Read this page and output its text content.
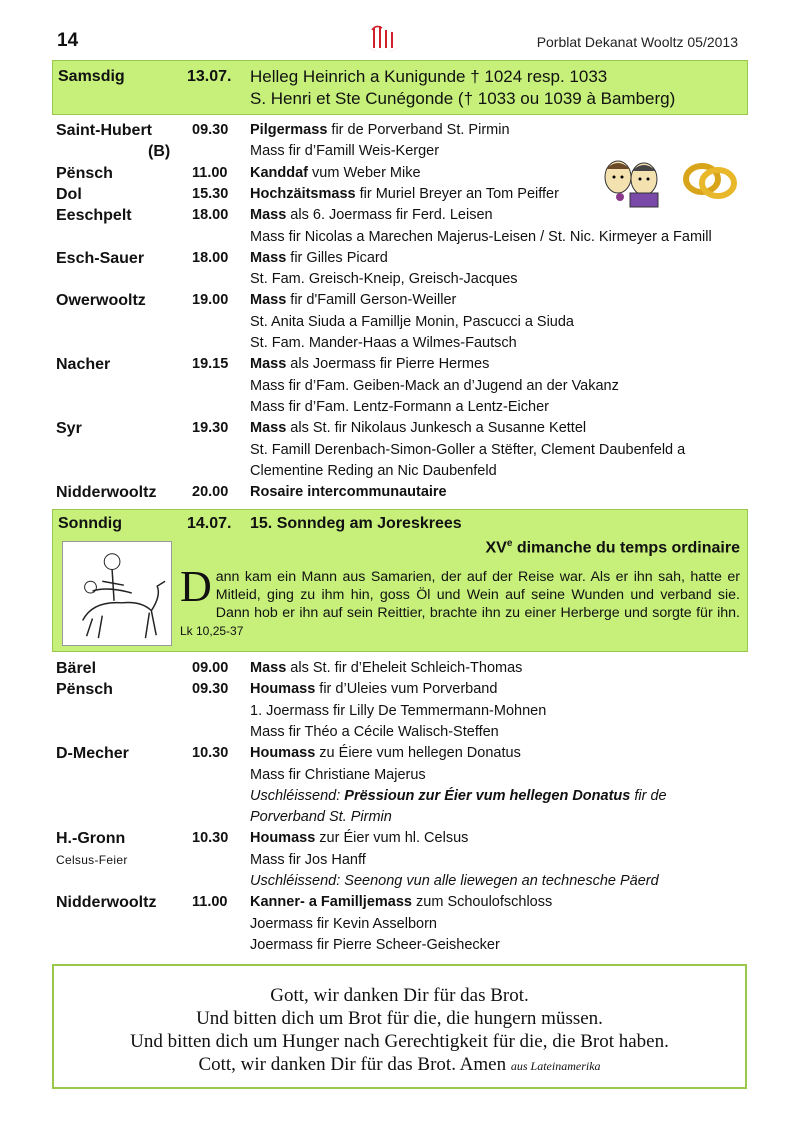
14	Porblat Dekanat Wooltz 05/2013
Samsdig	13.07. Helleg Heinrich a Kunigunde † 1024 resp. 1033
S. Henri et Ste Cunégonde († 1033 ou 1039 à Bamberg)
Saint-Hubert	09.30 Pilgermass fir de Porverband St. Pirmin
(B)	Mass fir d’Famill Weis-Kerger
Pënsch	11.00 Kanddaf vum Weber Mike
Dol	15.30 Hochzäitsmass fir Muriel Breyer an Tom Peiffer
Eeschpelt	18.00 Mass als 6. Joermass fir Ferd. Leisen
Mass fir Nicolas a Marechen Majerus-Leisen / St. Nic. Kirmeyer a Famill
Esch-Sauer	18.00 Mass fir Gilles Picard
St. Fam. Greisch-Kneip, Greisch-Jacques
Owerwooltz	19.00 Mass fir d'Famill Gerson-Weiller
St. Anita Siuda a Famillje Monin, Pascucci a Siuda
St. Fam. Mander-Haas a Wilmes-Fautsch
Nacher	19.15 Mass als Joermass fir Pierre Hermes
Mass fir d’Fam. Geiben-Mack an d’Jugend an der Vakanz
Mass fir d’Fam. Lentz-Formann a Lentz-Eicher
Syr	19.30 Mass als St. fir Nikolaus Junkesch a Susanne Kettel
St. Famill Derenbach-Simon-Goller a Stëfter, Clement Daubenfeld a
Clementine Reding an Nic Daubenfeld
Nidderwooltz 20.00 Rosaire intercommunautaire
Sonndig	14.07. 15. Sonndeg am Joreskrees
XVe dimanche du temps ordinaire
Dann kam ein Mann aus Samarien, der auf der Reise war. Als er ihn sah, hatte er Mitleid, ging zu ihm hin, goss Öl und Wein auf seine Wunden und verband sie. Dann hob er ihn auf sein Reittier, brachte ihn zu einer Herberge und sorgte für ihn. Lk 10,25-37
Bärel	09.00 Mass als St. fir d’Eheleit Schleich-Thomas
Pënsch	09.30 Houmass fir d’Uleies vum Porverband
1. Joermass fir Lilly De Temmermann-Mohnen
Mass fir Théo a Cécile Walisch-Steffen
D-Mecher	10.30 Houmass zu Éiere vum hellegen Donatus
Mass fir Christiane Majerus
Uschléissend: Prëssioun zur Éier vum hellegen Donatus fir de
Porverband St. Pirmin
H.-Gronn	10.30 Houmass zur Éier vum hl. Celsus
Celsus-Feier	Mass fir Jos Hanff
Uschléissend: Seenong vun alle liewegen an technesche Päerd
Nidderwooltz 11.00 Kanner- a Familljemass zum Schoulofschloss
Joermass fir Kevin Asselborn
Joermass fir Pierre Scheer-Geishecker
Gott, wir danken Dir für das Brot.
Und bitten dich um Brot für die, die hungern müssen.
Und bitten dich um Hunger nach Gerechtigkeit für die, die Brot haben.
Cott, wir danken Dir für das Brot. Amen aus Lateinamerika
